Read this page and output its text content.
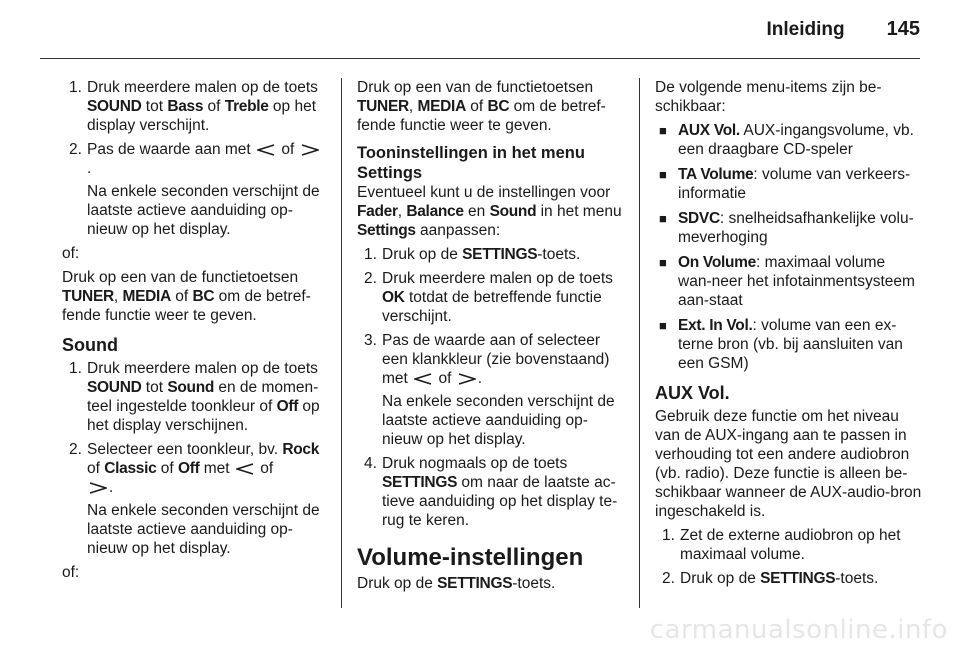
Inleiding 145
1. Druk meerdere malen op de toets SOUND tot Bass of Treble op het display verschijnt.

2. Pas de waarde aan met  of .

Na enkele seconden verschijnt de laatste actieve aanduiding op-nieuw op het display.

of:

Druk op een van de functietoetsen TUNER, MEDIA of BC om de betref-fende functie weer te geven.

Sound
1. Druk meerdere malen op de toets SOUND tot Sound en de momen-teel ingestelde toonkleur of Off op het display verschijnen.

2. Selecteer een toonkleur, bv. Rock of Classic of Off met  of
.

Na enkele seconden verschijnt de laatste actieve aanduiding op-nieuw op het display.

of:

Druk op een van de functietoetsen TUNER, MEDIA of BC om de betref-fende functie weer te geven.

Tooninstellingen in het menu Settings

Eventueel kunt u de instellingen voor Fader, Balance en Sound in het menu Settings aanpassen:

1. Druk op de SETTINGS-toets.

2. Druk meerdere malen op de toets OK totdat de betreffende functie verschijnt.

3. Pas de waarde aan of selecteer een klankkleur (zie bovenstaand) met  of .

Na enkele seconden verschijnt de laatste actieve aanduiding op-nieuw op het display.

4. Druk nogmaals op de toets SETTINGS om naar de laatste ac-tieve aanduiding op het display te-rug te keren.

Volume-instellingen

Druk op de SETTINGS-toets.

De volgende menu-items zijn be-schikbaar:

■ AUX Vol. AUX-ingangsvolume, vb. een draagbare CD-speler
■ TA Volume: volume van verkeers-informatie
■ SDVC: snelheidsafhankelijke volu-meverhoging
■ On Volume: maximaal volume wan-neer het infotainmentsysteem aan-staat
■ Ext. In Vol.: volume van een ex-terne bron (vb. bij aansluiten van een GSM)
AUX Vol.

Gebruik deze functie om het niveau van de AUX-ingang aan te passen in verhouding tot een andere audiobron (vb. radio). Deze functie is alleen be-schikbaar wanneer de AUX-audio-bron ingeschakeld is.

1. Zet de externe audiobron op het maximaal volume.

2. Druk op de SETTINGS-toets.

carmanualsonline.info
